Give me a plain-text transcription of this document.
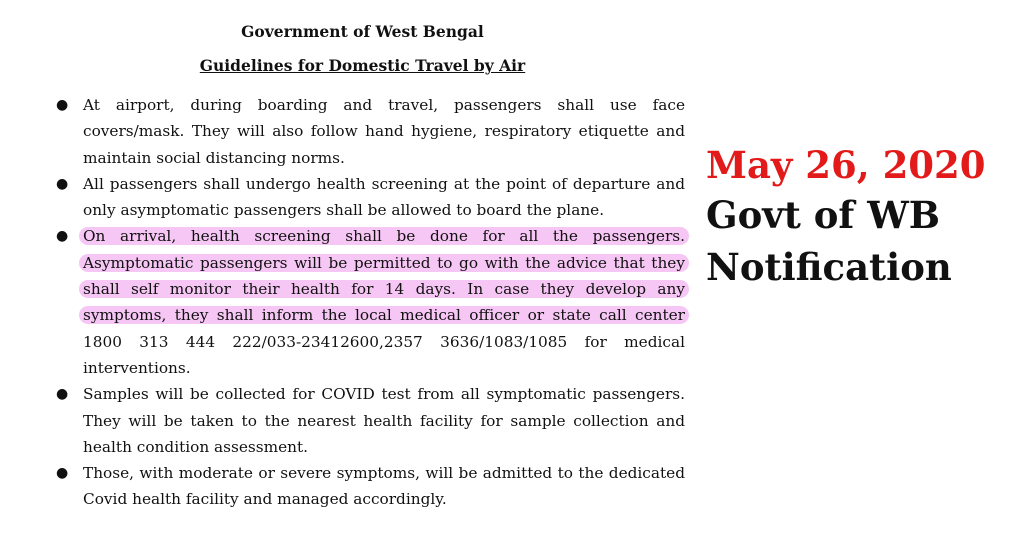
Government of West Bengal
Guidelines for Domestic Travel by Air
● At airport, during boarding and travel, passengers shall use face covers/mask. They will also follow hand hygiene, respiratory etiquette and maintain social distancing norms.
● All passengers shall undergo health screening at the point of departure and only asymptomatic passengers shall be allowed to board the plane.
● On arrival, health screening shall be done for all the passengers. Asymptomatic passengers will be permitted to go with the advice that they shall self monitor their health for 14 days. In case they develop any symptoms, they shall inform the local medical officer or state call center 1800 313 444 222/033-23412600,2357 3636/1083/1085 for medical interventions.
● Samples will be collected for COVID test from all symptomatic passengers. They will be taken to the nearest health facility for sample collection and health condition assessment.
● Those, with moderate or severe symptoms, will be admitted to the dedicated Covid health facility and managed accordingly.
May 26, 2020
Govt of WB
Notification
